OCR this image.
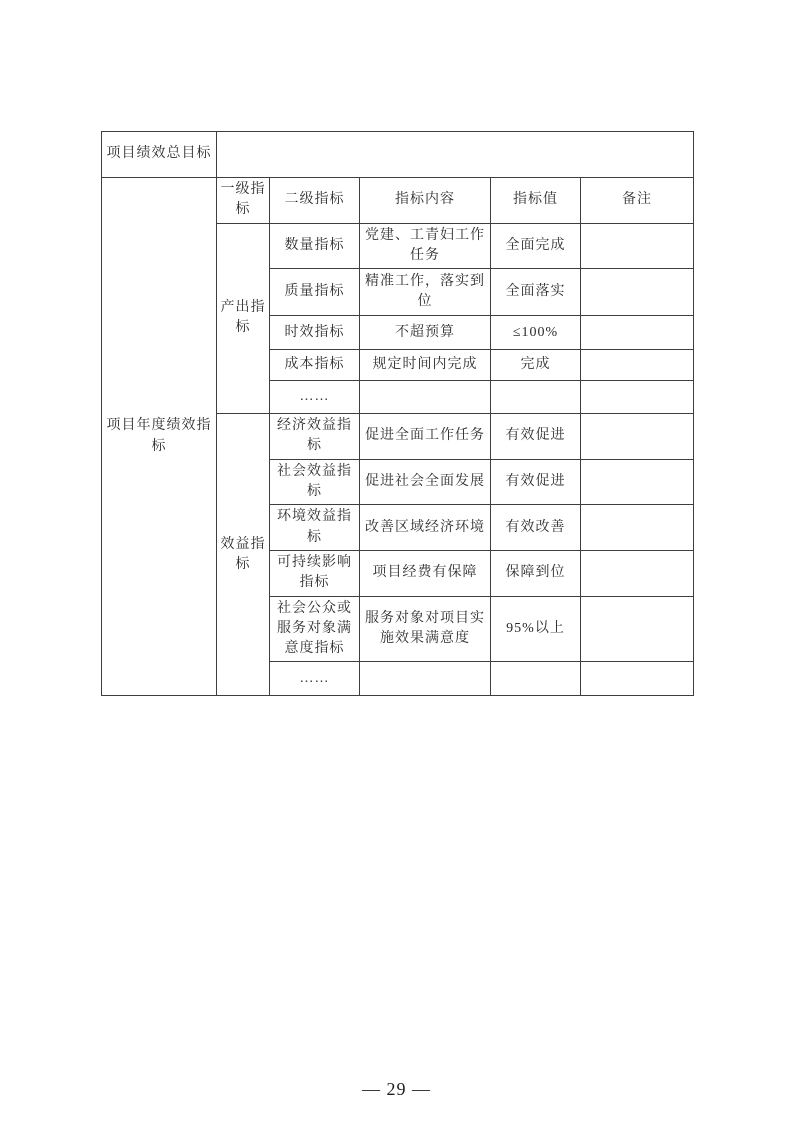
项目绩效总目标					
项目年度绩效指标	一级指标	二级指标	指标内容	指标值	备注
	产出指标	数量指标	党建、工青妇工作任务	全面完成	
		质量指标	精准工作，落实到位	全面落实	
		时效指标	不超预算	≤100%	
		成本指标	规定时间内完成	完成	
		……			
	效益指标	经济效益指标	促进全面工作任务	有效促进	
		社会效益指标	促进社会全面发展	有效促进	
		环境效益指标	改善区域经济环境	有效改善	
		可持续影响指标	项目经费有保障	保障到位	
		社会公众或服务对象满意度指标	服务对象对项目实施效果满意度	95%以上	
		……			
— 29 —
